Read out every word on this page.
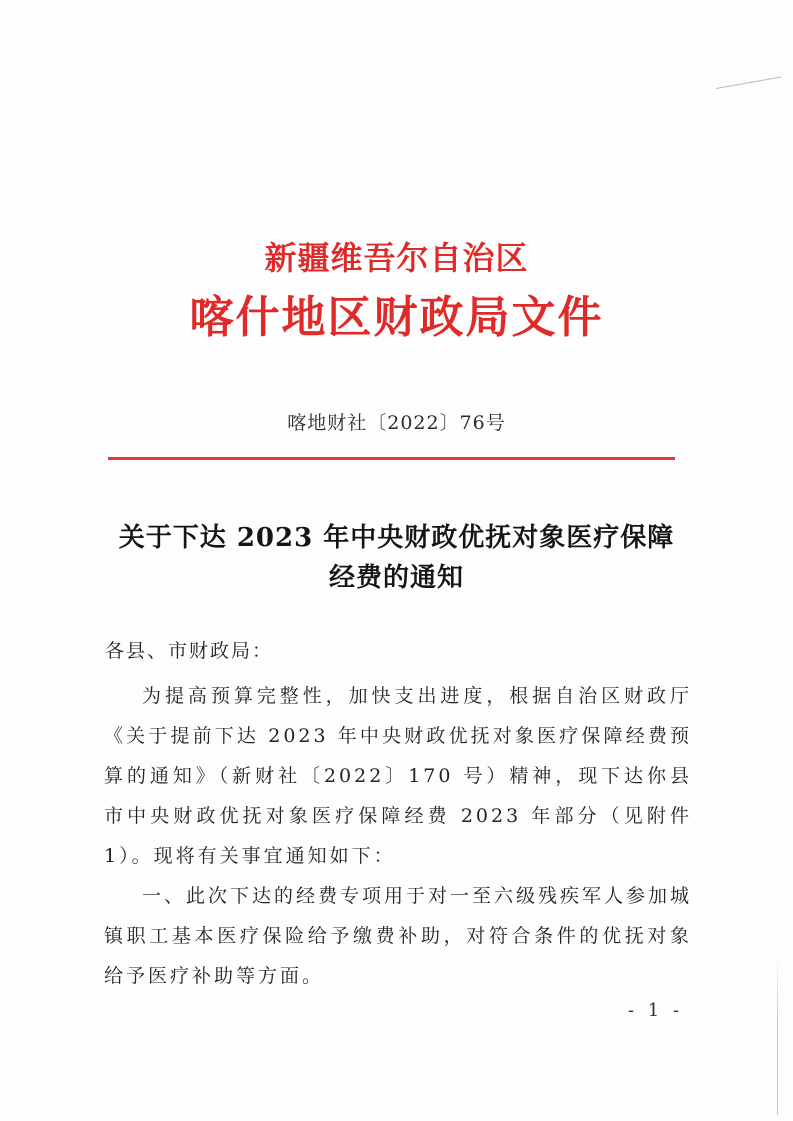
新疆维吾尔自治区
喀什地区财政局文件
喀地财社〔2022〕76号
关于下达 2023 年中央财政优抚对象医疗保障
经费的通知
各县、市财政局：

为提高预算完整性，加快支出进度，根据自治区财政厅《关于提前下达 2023 年中央财政优抚对象医疗保障经费预算的通知》（新财社〔2022〕170 号）精神，现下达你县市中央财政优抚对象医疗保障经费 2023 年部分（见附件 1）。现将有关事宜通知如下：

一、此次下达的经费专项用于对一至六级残疾军人参加城镇职工基本医疗保险给予缴费补助，对符合条件的优抚对象给予医疗补助等方面。

- 1 -
